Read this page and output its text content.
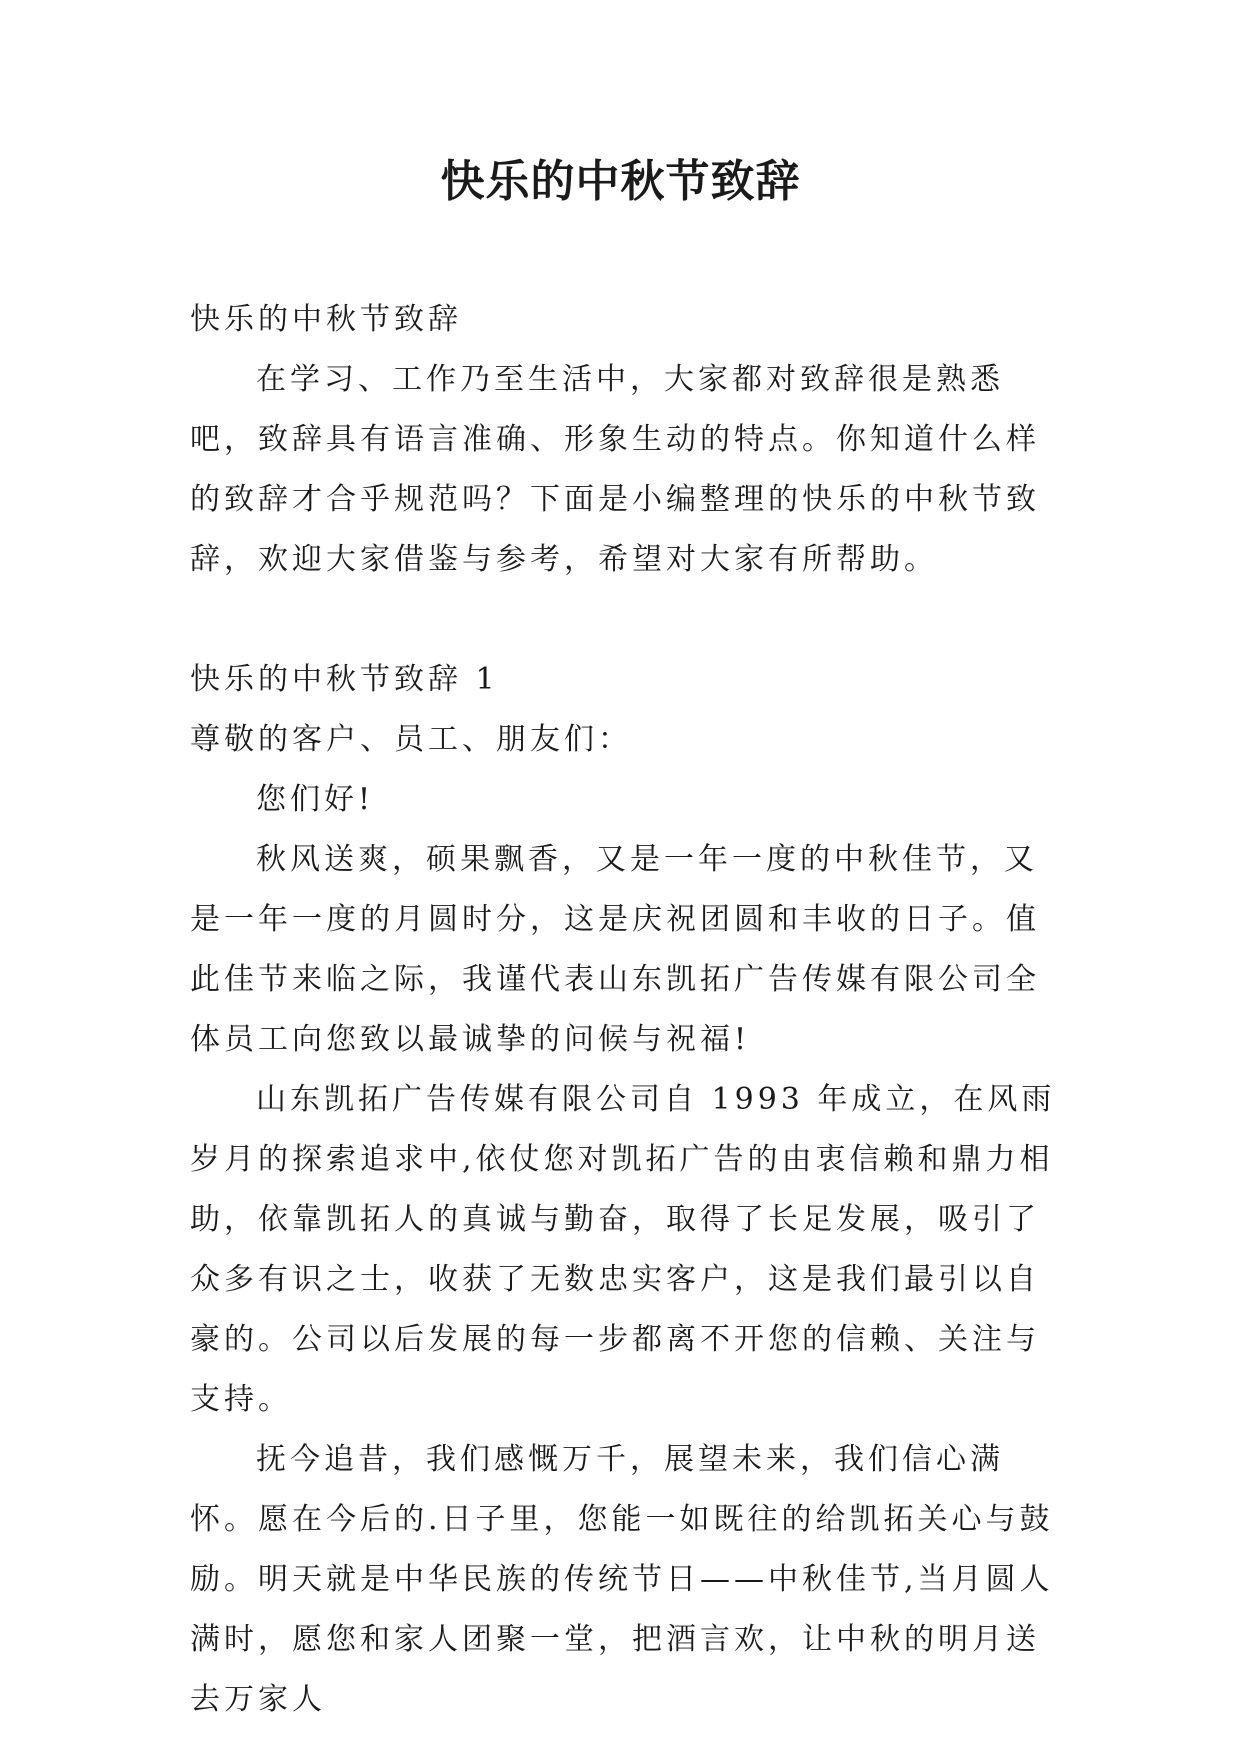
快乐的中秋节致辞

快乐的中秋节致辞

在学习、工作乃至生活中，大家都对致辞很是熟悉吧，致辞具有语言准确、形象生动的特点。你知道什么样的致辞才合乎规范吗？下面是小编整理的快乐的中秋节致辞，欢迎大家借鉴与参考，希望对大家有所帮助。

快乐的中秋节致辞 1

尊敬的客户、员工、朋友们：

您们好!

秋风送爽，硕果飘香，又是一年一度的中秋佳节，又是一年一度的月圆时分，这是庆祝团圆和丰收的日子。值此佳节来临之际，我谨代表山东凯拓广告传媒有限公司全体员工向您致以最诚挚的问候与祝福!

山东凯拓广告传媒有限公司自 1993 年成立，在风雨岁月的探索追求中,依仗您对凯拓广告的由衷信赖和鼎力相助，依靠凯拓人的真诚与勤奋，取得了长足发展，吸引了众多有识之士，收获了无数忠实客户，这是我们最引以自豪的。公司以后发展的每一步都离不开您的信赖、关注与支持。

抚今追昔，我们感慨万千，展望未来，我们信心满怀。愿在今后的.日子里，您能一如既往的给凯拓关心与鼓励。明天就是中华民族的传统节日——中秋佳节,当月圆人满时，愿您和家人团聚一堂，把酒言欢，让中秋的明月送去万家人
